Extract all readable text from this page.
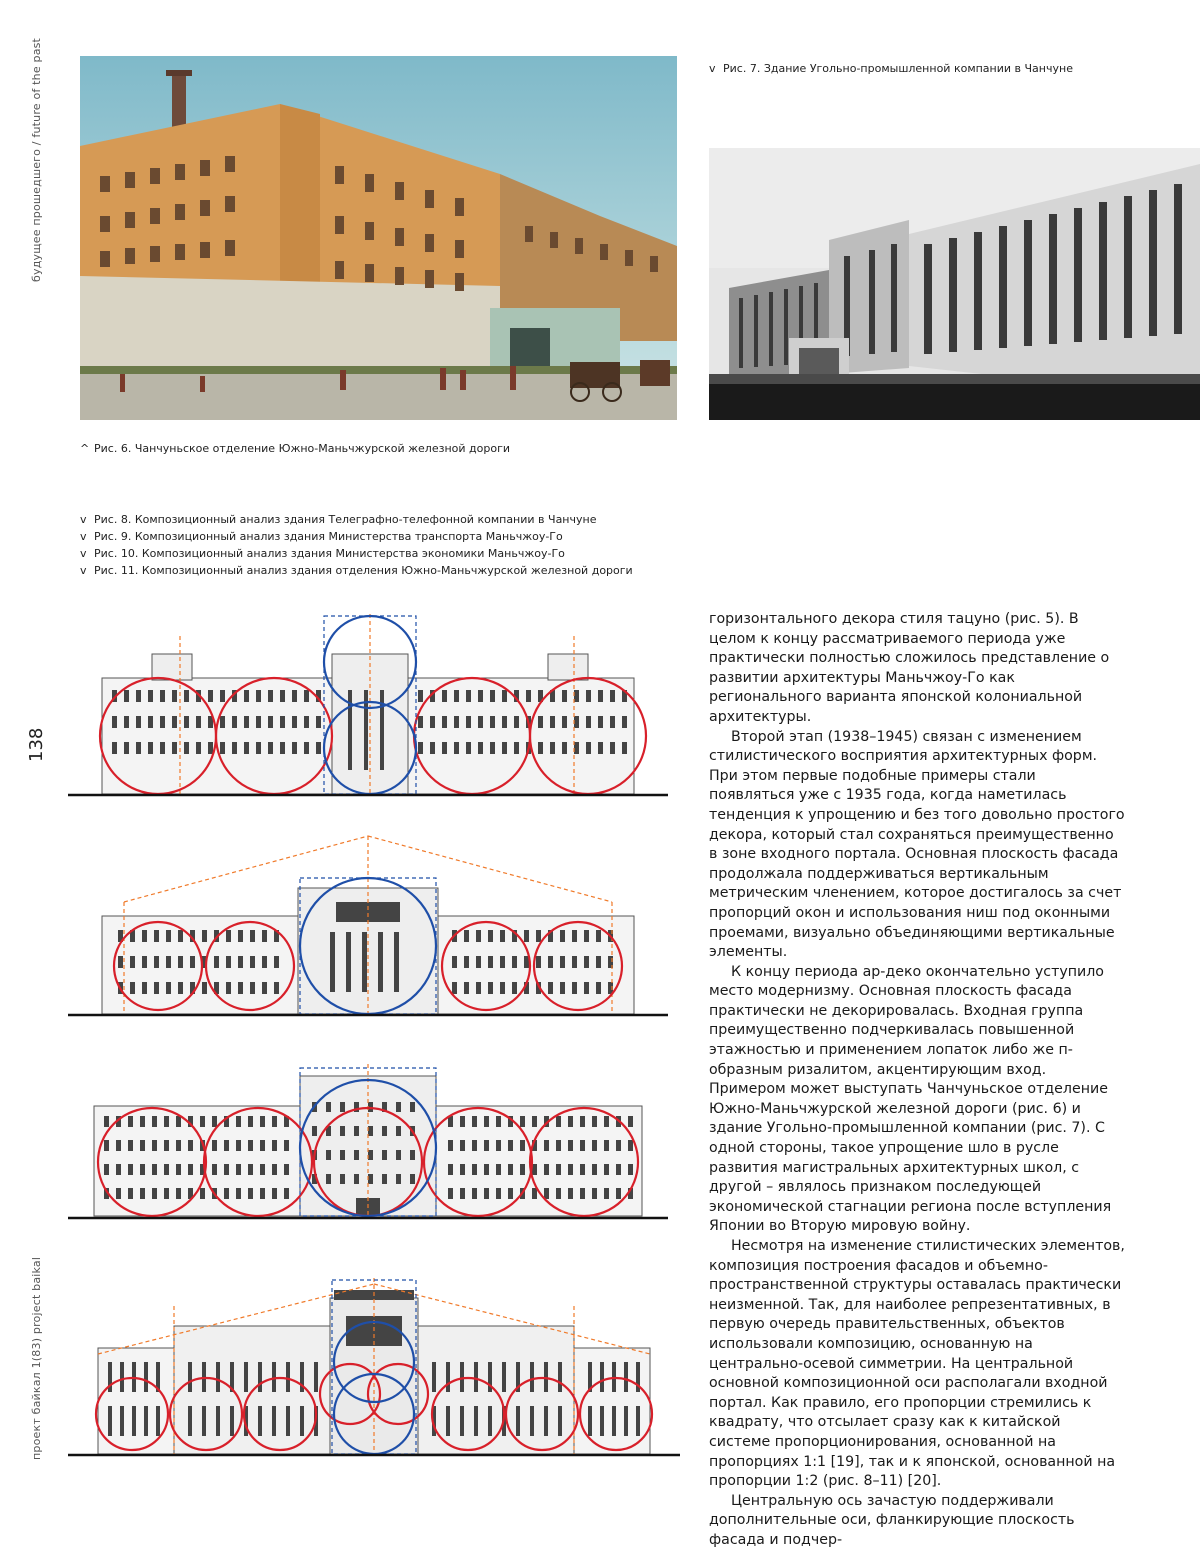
будущее прошедшего / future of the past
138
проект байкал 1(83) project baikal
^ Рис. 6. Чанчуньское отделение Южно-Маньчжурской железной дороги
v Рис. 7. Здание Угольно-промышленной компании в Чанчуне
v Рис. 8. Композиционный анализ здания Телеграфно-телефонной компании в Чанчуне
v Рис. 9. Композиционный анализ здания Министерства транспорта Маньчжоу-Го
v Рис. 10. Композиционный анализ здания Министерства экономики Маньчжоу-Го
v Рис. 11. Композиционный анализ здания отделения Южно-Маньчжурской железной дороги

горизонтального декора стиля тацуно (рис. 5). В целом к концу рассматриваемого периода уже практически полностью сложилось представление о развитии архитектуры Маньчжоу-Го как регионального варианта японской колониальной архитектуры.

Второй этап (1938–1945) связан с изменением стилистического восприятия архитектурных форм. При этом первые подобные примеры стали появляться уже с 1935 года, когда наметилась тенденция к упрощению и без того довольно простого декора, который стал сохраняться преимущественно в зоне входного портала. Основная плоскость фасада продолжала поддерживаться вертикальным метрическим членением, которое достигалось за счет пропорций окон и использования ниш под оконными проемами, визуально объединяющими вертикальные элементы.

К концу периода ар-деко окончательно уступило место модернизму. Основная плоскость фасада практически не декорировалась. Входная группа преимущественно подчеркивалась повышенной этажностью и применением лопаток либо же п-образным ризалитом, акцентирующим вход. Примером может выступать Чанчуньское отделение Южно-Маньчжурской железной дороги (рис. 6) и здание Угольно-промышленной компании (рис. 7). С одной стороны, такое упрощение шло в русле развития магистральных архитектурных школ, с другой – являлось признаком последующей экономической стагнации региона после вступления Японии во Вторую мировую войну.

Несмотря на изменение стилистических элементов, композиция построения фасадов и объемно-пространственной структуры оставалась практически неизменной. Так, для наиболее репрезентативных, в первую очередь правительственных, объектов использовали композицию, основанную на центрально-осевой симметрии. На центральной основной композиционной оси располагали входной портал. Как правило, его пропорции стремились к квадрату, что отсылает сразу как к китайской системе пропорционирования, основанной на пропорциях 1:1 [19], так и к японской, основанной на пропорции 1:2 (рис. 8–11) [20].

Центральную ось зачастую поддерживали дополнительные оси, фланкирующие плоскость фасада и подчер-
